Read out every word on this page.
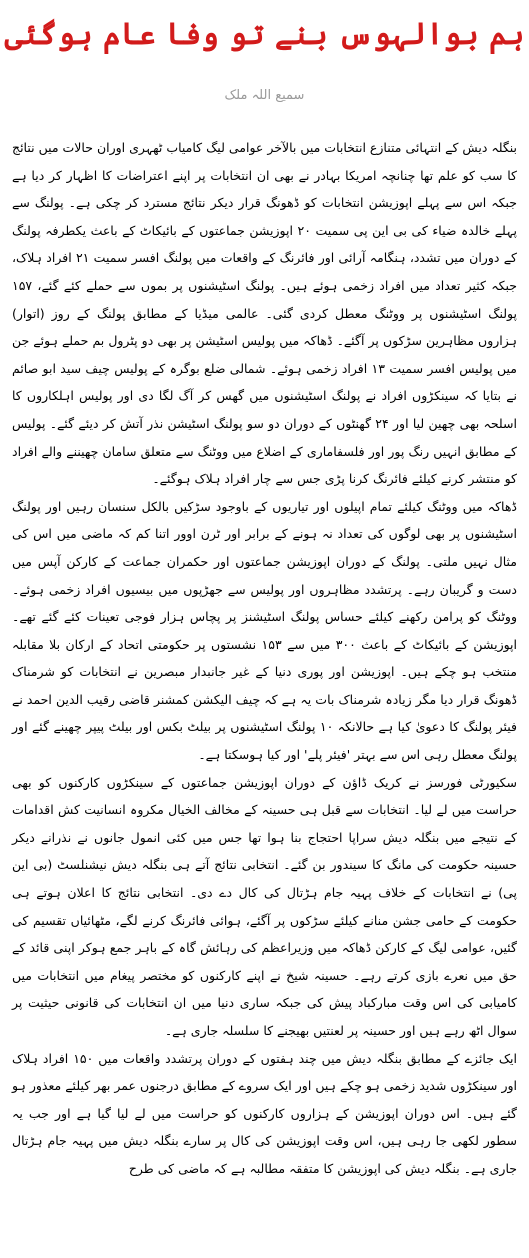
ہم بوالہوس بنے تو وفا عام ہوگئی
سمیع اللہ ملک

بنگلہ دیش کے انتہائی متنازع انتخابات میں بالآخر عوامی لیگ کامیاب ٹھہری اوران حالات میں نتائج کا سب کو علم تھا چنانچہ امریکا بہادر نے بھی ان انتخابات پر اپنے اعتراضات کا اظہار کر دیا ہے جبکہ اس سے پہلے اپوزیشن انتخابات کو ڈھونگ قرار دیکر نتائج مسترد کر چکی ہے۔ پولنگ سے پہلے خالدہ ضیاء کی بی این پی سمیت ۲۰ اپوزیشن جماعتوں کے بائیکاٹ کے باعث یکطرفہ پولنگ کے دوران میں تشدد، ہنگامہ آرائی اور فائرنگ کے واقعات میں پولنگ افسر سمیت ۲۱ افراد ہلاک، جبکہ کثیر تعداد میں افراد زخمی ہوئے ہیں۔ پولنگ اسٹیشنوں پر بموں سے حملے کئے گئے، ۱۵۷ پولنگ اسٹیشنوں پر ووٹنگ معطل کردی گئی۔ عالمی میڈیا کے مطابق پولنگ کے روز (اتوار) ہزاروں مظاہرین سڑکوں پر آگئے۔ ڈھاکہ میں پولیس اسٹیشن پر بھی دو پٹرول بم حملے ہوئے جن میں پولیس افسر سمیت ۱۳ افراد زخمی ہوئے۔ شمالی ضلع بوگرہ کے پولیس چیف سید ابو صائم نے بتایا کہ سینکڑوں افراد نے پولنگ اسٹیشنوں میں گھس کر آگ لگا دی اور پولیس اہلکاروں کا اسلحہ بھی چھین لیا اور ۲۴ گھنٹوں کے دوران دو سو پولنگ اسٹیشن نذر آتش کر دیئے گئے۔ پولیس کے مطابق انہیں رنگ پور اور فلسفاماری کے اضلاع میں ووٹنگ سے متعلق سامان چھیننے والے افراد کو منتشر کرنے کیلئے فائرنگ کرنا پڑی جس سے چار افراد ہلاک ہوگئے۔

ڈھاکہ میں ووٹنگ کیلئے تمام اپیلوں اور تیاریوں کے باوجود سڑکیں بالکل سنسان رہیں اور پولنگ اسٹیشنوں پر بھی لوگوں کی تعداد نہ ہونے کے برابر اور ٹرن اوور اتنا کم کہ ماضی میں اس کی مثال نہیں ملتی۔ پولنگ کے دوران اپوزیشن جماعتوں اور حکمران جماعت کے کارکن آپس میں دست و گریبان رہے۔ پرتشدد مظاہروں اور پولیس سے جھڑپوں میں بیسیوں افراد زخمی ہوئے۔ ووٹنگ کو پرامن رکھنے کیلئے حساس پولنگ اسٹیشنز پر پچاس ہزار فوجی تعینات کئے گئے تھے۔ اپوزیشن کے بائیکاٹ کے باعث ۳۰۰ میں سے ۱۵۳ نشستوں پر حکومتی اتحاد کے ارکان بلا مقابلہ منتخب ہو چکے ہیں۔ اپوزیشن اور پوری دنیا کے غیر جانبدار مبصرین نے انتخابات کو شرمناک ڈھونگ قرار دیا مگر زیادہ شرمناک بات یہ ہے کہ چیف الیکشن کمشنر قاضی رقیب الدین احمد نے فیئر پولنگ کا دعویٰ کیا ہے حالانکہ ۱۰ پولنگ اسٹیشنوں پر بیلٹ بکس اور بیلٹ پیپر چھینے گئے اور پولنگ معطل رہی اس سے بہتر 'فیئر پلے' اور کیا ہوسکتا ہے۔

سکیورٹی فورسز نے کریک ڈاؤن کے دوران اپوزیشن جماعتوں کے سینکڑوں کارکنوں کو بھی حراست میں لے لیا۔ انتخابات سے قبل ہی حسینہ کے مخالف الخیال مکروہ انسانیت کش اقدامات کے نتیجے میں بنگلہ دیش سراپا احتجاج بنا ہوا تھا جس میں کئی انمول جانوں نے نذرانے دیکر حسینہ حکومت کی مانگ کا سیندور بن گئے۔ انتخابی نتائج آتے ہی بنگلہ دیش نیشنلسٹ (بی این پی) نے انتخابات کے خلاف پہیہ جام ہڑتال کی کال دے دی۔ انتخابی نتائج کا اعلان ہوتے ہی حکومت کے حامی جشن منانے کیلئے سڑکوں پر آگئے، ہوائی فائرنگ کرنے لگے، مٹھائیاں تقسیم کی گئیں، عوامی لیگ کے کارکن ڈھاکہ میں وزیراعظم کی رہائش گاہ کے باہر جمع ہوکر اپنی قائد کے حق میں نعرے بازی کرتے رہے۔ حسینہ شیخ نے اپنے کارکنوں کو مختصر پیغام میں انتخابات میں کامیابی کی اس وقت مبارکباد پیش کی جبکہ ساری دنیا میں ان انتخابات کی قانونی حیثیت پر سوال اٹھ رہے ہیں اور حسینہ پر لعنتیں بھیجنے کا سلسلہ جاری ہے۔

ایک جائزے کے مطابق بنگلہ دیش میں چند ہفتوں کے دوران پرتشدد واقعات میں ۱۵۰ افراد ہلاک اور سینکڑوں شدید زخمی ہو چکے ہیں اور ایک سروے کے مطابق درجنوں عمر بھر کیلئے معذور ہو گئے ہیں۔ اس دوران اپوزیشن کے ہزاروں کارکنوں کو حراست میں لے لیا گیا ہے اور جب یہ سطور لکھی جا رہی ہیں، اس وقت اپوزیشن کی کال پر سارے بنگلہ دیش میں پہیہ جام ہڑتال جاری ہے۔ بنگلہ دیش کی اپوزیشن کا متفقہ مطالبہ ہے کہ ماضی کی طرح
